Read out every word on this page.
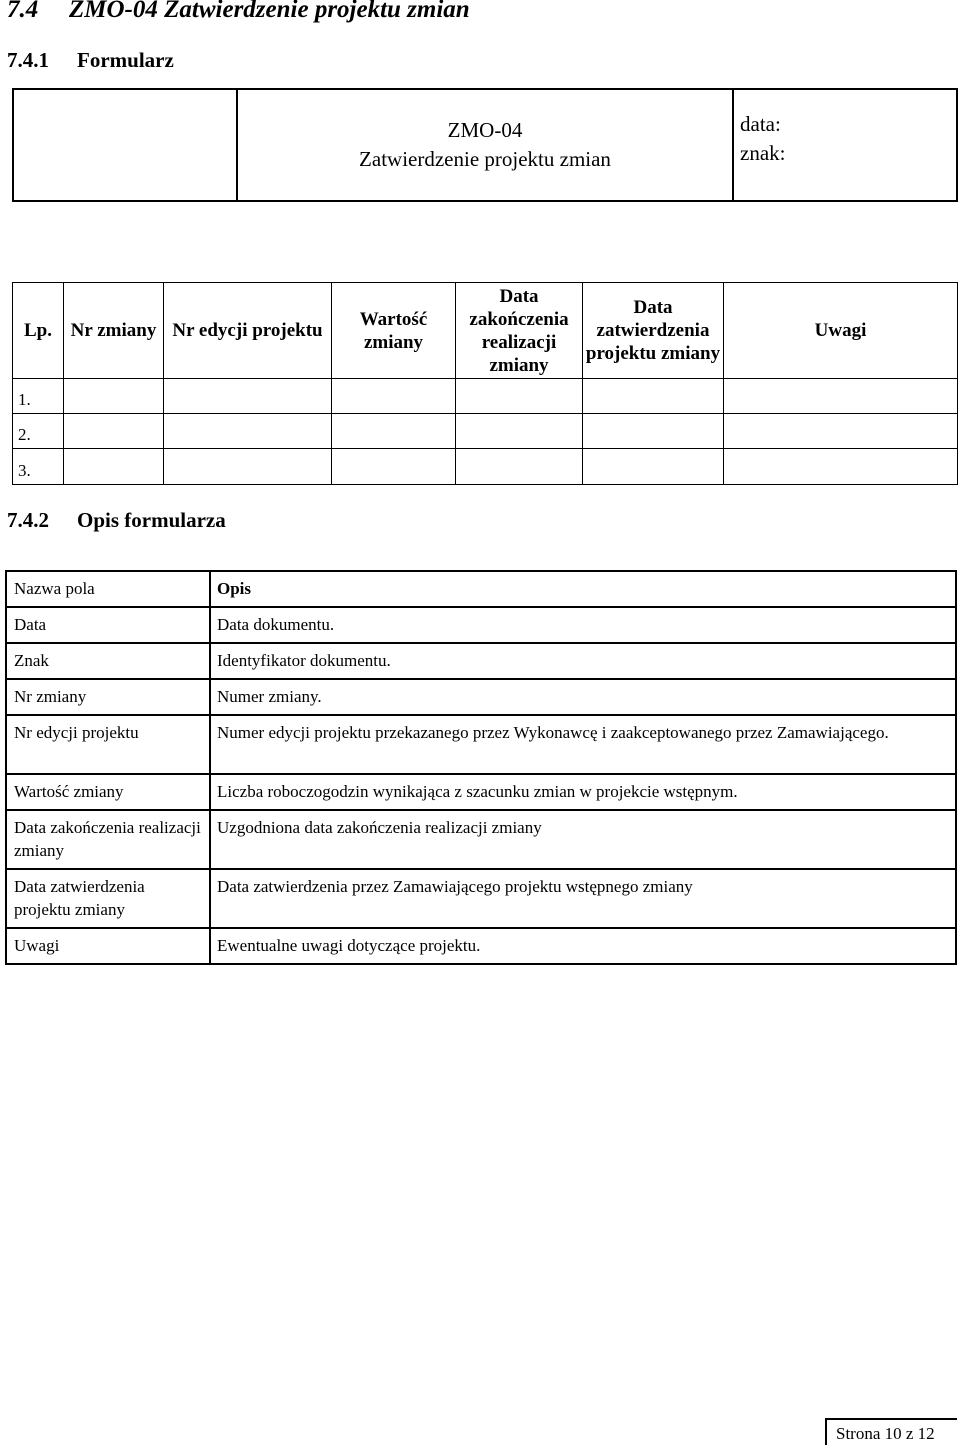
7.4 ZMO-04 Zatwierdzenie projektu zmian
7.4.1 Formularz

ZMO-04
Zatwierdzenie projektu zmian

data:
znak:
Lp.	Nr zmiany	Nr edycji projektu	Wartość zmiany	Data zakończenia realizacji zmiany	Data zatwierdzenia projektu zmiany	Uwagi
1.						
2.						
3.						
7.4.2 Opis formularza
Nazwa pola	Opis
Data	Data dokumentu.
Znak	Identyfikator dokumentu.
Nr zmiany	Numer zmiany.
Nr edycji projektu	Numer edycji projektu przekazanego przez Wykonawcę i zaakceptowanego przez Zamawiającego.
Wartość zmiany	Liczba roboczogodzin wynikająca z szacunku zmian w projekcie wstępnym.
Data zakończenia realizacji zmiany	Uzgodniona data zakończenia realizacji zmiany
Data zatwierdzenia projektu zmiany	Data zatwierdzenia przez Zamawiającego projektu wstępnego zmiany
Uwagi	Ewentualne uwagi dotyczące projektu.
Strona 10 z 12
